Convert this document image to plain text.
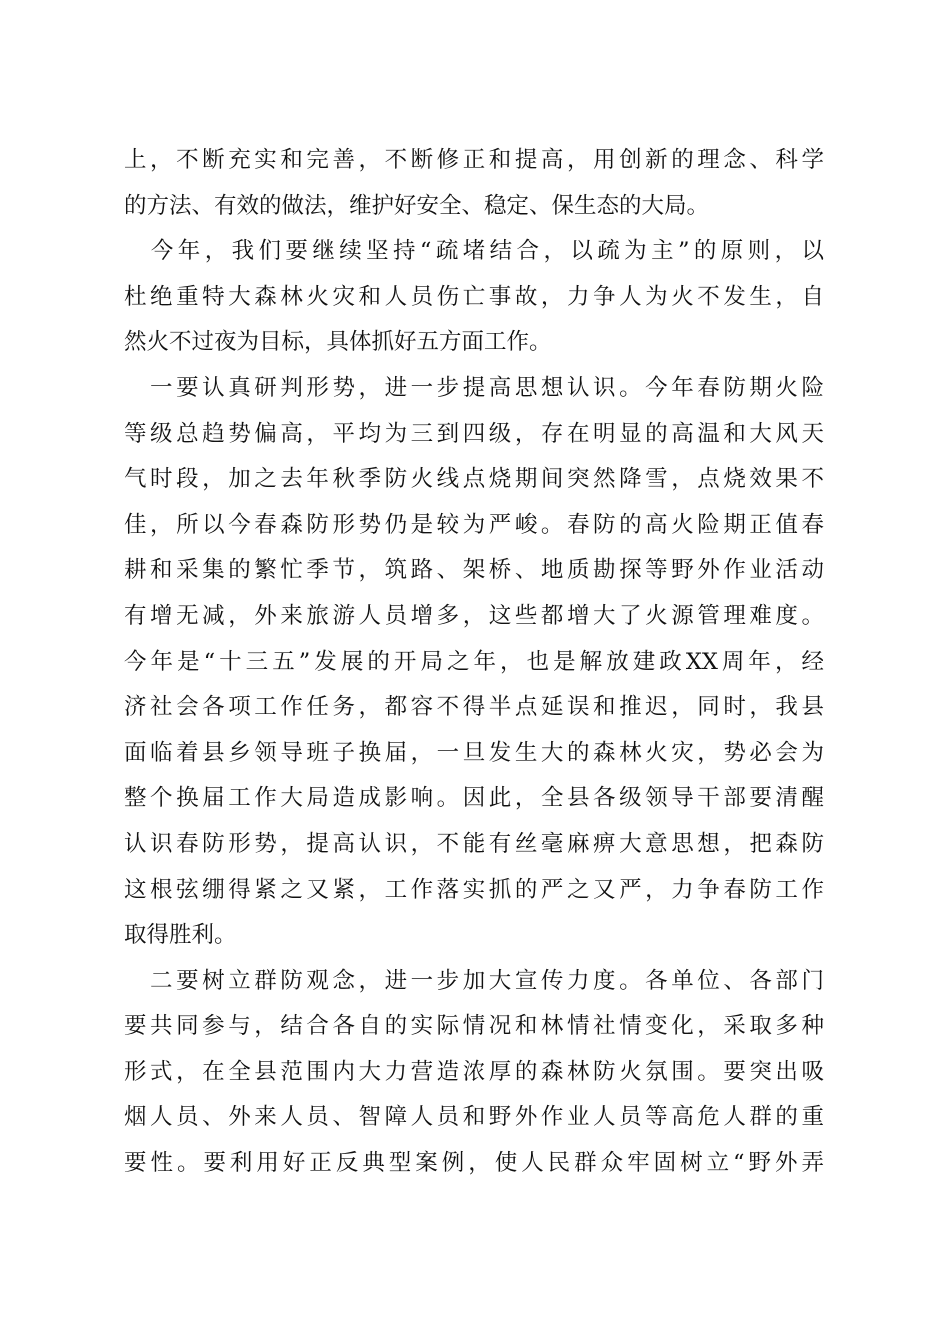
上，不断充实和完善，不断修正和提高，用创新的理念、科学
的方法、有效的做法，维护好安全、稳定、保生态的大局。
　今年，我们要继续坚持“疏堵结合，以疏为主”的原则，以
杜绝重特大森林火灾和人员伤亡事故，力争人为火不发生，自
然火不过夜为目标，具体抓好五方面工作。
　一要认真研判形势，进一步提高思想认识。今年春防期火险
等级总趋势偏高，平均为三到四级，存在明显的高温和大风天
气时段，加之去年秋季防火线点烧期间突然降雪，点烧效果不
佳，所以今春森防形势仍是较为严峻。春防的高火险期正值春
耕和采集的繁忙季节，筑路、架桥、地质勘探等野外作业活动
有增无减，外来旅游人员增多，这些都增大了火源管理难度。
今年是“十三五”发展的开局之年，也是解放建政XX周年，经
济社会各项工作任务，都容不得半点延误和推迟，同时，我县
面临着县乡领导班子换届，一旦发生大的森林火灾，势必会为
整个换届工作大局造成影响。因此，全县各级领导干部要清醒
认识春防形势，提高认识，不能有丝毫麻痹大意思想，把森防
这根弦绷得紧之又紧，工作落实抓的严之又严，力争春防工作
取得胜利。
　二要树立群防观念，进一步加大宣传力度。各单位、各部门
要共同参与，结合各自的实际情况和林情社情变化，采取多种
形式，在全县范围内大力营造浓厚的森林防火氛围。要突出吸
烟人员、外来人员、智障人员和野外作业人员等高危人群的重
要性。要利用好正反典型案例，使人民群众牢固树立“野外弄
